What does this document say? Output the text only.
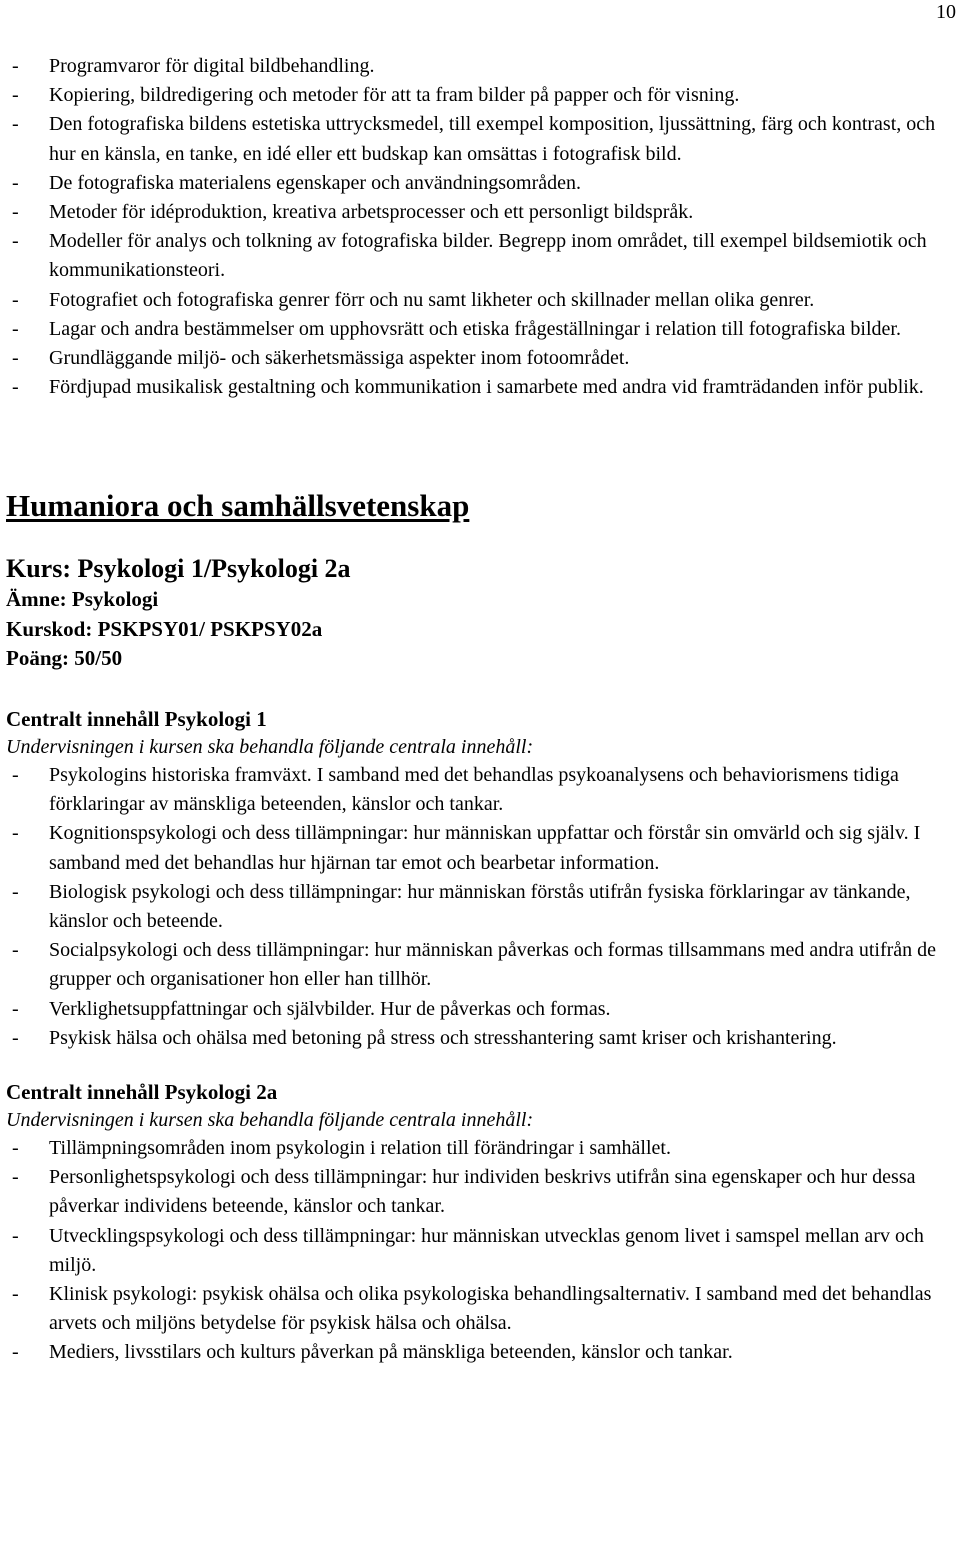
10
- Programvaror för digital bildbehandling.
- Kopiering, bildredigering och metoder för att ta fram bilder på papper och för visning.
- Den fotografiska bildens estetiska uttrycksmedel, till exempel komposition, ljussättning, färg och kontrast, och hur en känsla, en tanke, en idé eller ett budskap kan omsättas i fotografisk bild.
- De fotografiska materialens egenskaper och användningsområden.
- Metoder för idéproduktion, kreativa arbetsprocesser och ett personligt bildspråk.
- Modeller för analys och tolkning av fotografiska bilder. Begrepp inom området, till exempel bildsemiotik och kommunikationsteori.
- Fotografiet och fotografiska genrer förr och nu samt likheter och skillnader mellan olika genrer.
- Lagar och andra bestämmelser om upphovsrätt och etiska frågeställningar i relation till fotografiska bilder.
- Grundläggande miljö- och säkerhetsmässiga aspekter inom fotoområdet.
- Fördjupad musikalisk gestaltning och kommunikation i samarbete med andra vid framträdanden inför publik.
Humaniora och samhällsvetenskap
Kurs: Psykologi 1/Psykologi 2a
Ämne: Psykologi
Kurskod: PSKPSY01/ PSKPSY02a
Poäng: 50/50
Centralt innehåll Psykologi 1
Undervisningen i kursen ska behandla följande centrala innehåll:
- Psykologins historiska framväxt. I samband med det behandlas psykoanalysens och behaviorismens tidiga förklaringar av mänskliga beteenden, känslor och tankar.
- Kognitionspsykologi och dess tillämpningar: hur människan uppfattar och förstår sin omvärld och sig själv. I samband med det behandlas hur hjärnan tar emot och bearbetar information.
- Biologisk psykologi och dess tillämpningar: hur människan förstås utifrån fysiska förklaringar av tänkande, känslor och beteende.
- Socialpsykologi och dess tillämpningar: hur människan påverkas och formas tillsammans med andra utifrån de grupper och organisationer hon eller han tillhör.
- Verklighetsuppfattningar och självbilder. Hur de påverkas och formas.
- Psykisk hälsa och ohälsa med betoning på stress och stresshantering samt kriser och krishantering.
Centralt innehåll Psykologi 2a
Undervisningen i kursen ska behandla följande centrala innehåll:
- Tillämpningsområden inom psykologin i relation till förändringar i samhället.
- Personlighetspsykologi och dess tillämpningar: hur individen beskrivs utifrån sina egenskaper och hur dessa påverkar individens beteende, känslor och tankar.
- Utvecklingspsykologi och dess tillämpningar: hur människan utvecklas genom livet i samspel mellan arv och miljö.
- Klinisk psykologi: psykisk ohälsa och olika psykologiska behandlingsalternativ. I samband med det behandlas arvets och miljöns betydelse för psykisk hälsa och ohälsa.
- Mediers, livsstilars och kulturs påverkan på mänskliga beteenden, känslor och tankar.
